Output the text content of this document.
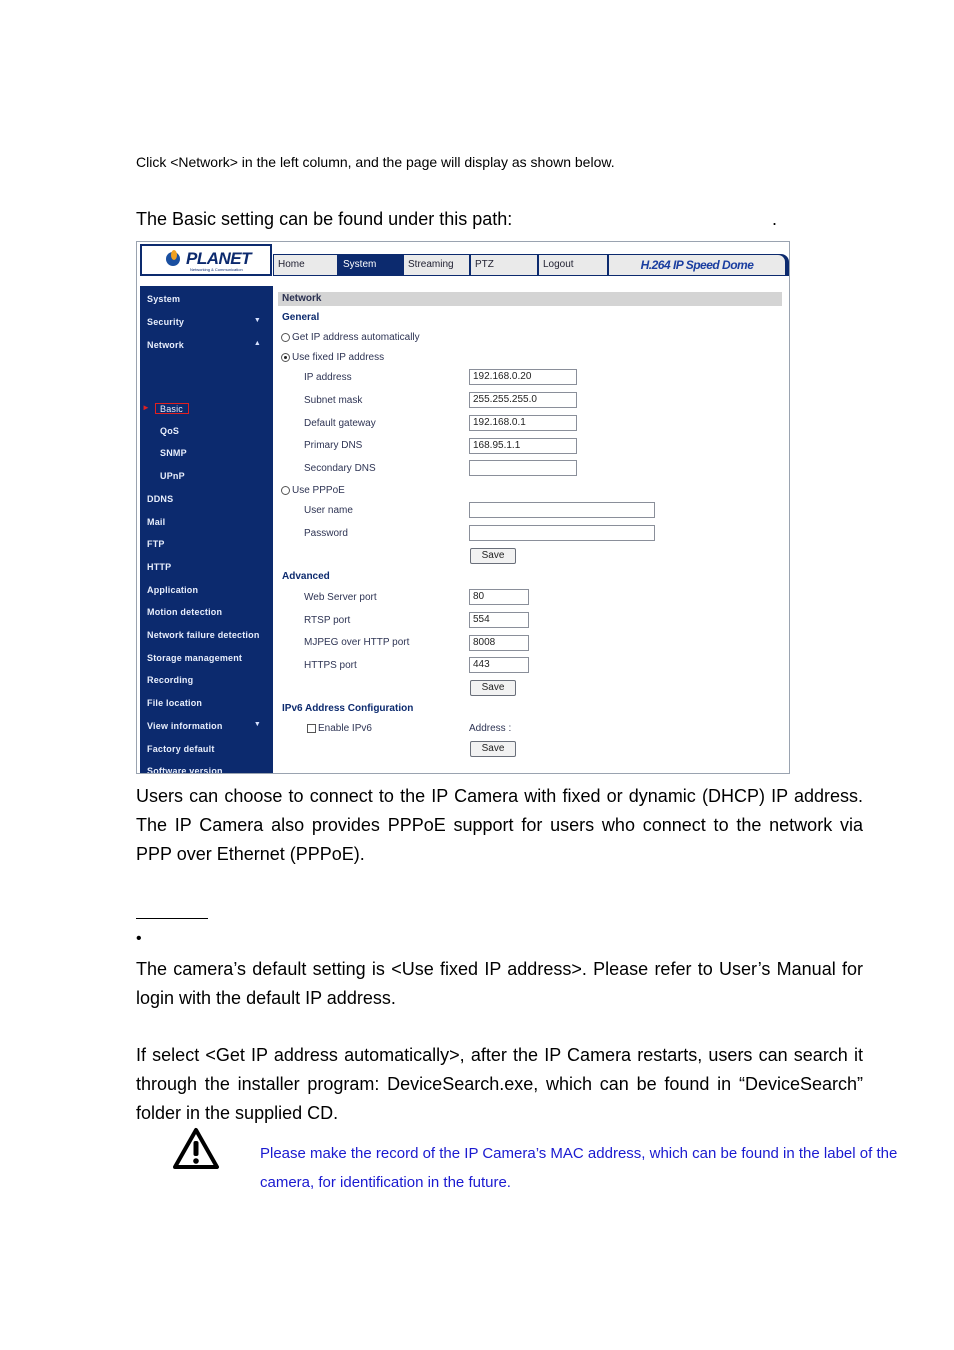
Click <Network> in the left column, and the page will display as shown below.
The Basic setting can be found under this path:	.
PLANET
Networking & Communication	Home	System	Streaming	PTZ	Logout	H.264 IP Speed Dome
System
Security	▼
Network	▲
► Basic
QoS
SNMP
UPnP
DDNS
Mail
FTP
HTTP
Application
Motion detection
Network failure detection
Storage management
Recording
File location
View information	▼
Factory default
Software version
Network
General
Get IP address automatically
Use fixed IP address
IP address	192.168.0.20
Subnet mask	255.255.255.0
Default gateway	192.168.0.1
Primary DNS	168.95.1.1
Secondary DNS
Use PPPoE
User name
Password
Save
Advanced
Web Server port	80
RTSP port	554
MJPEG over HTTP port	8008
HTTPS port	443
Save
IPv6 Address Configuration
Enable IPv6	Address :
Save
Users can choose to connect to the IP Camera with fixed or dynamic (DHCP) IP address. The IP Camera also provides PPPoE support for users who connect to the network via PPP over Ethernet (PPPoE).
•
The camera’s default setting is <Use fixed IP address>. Please refer to User’s Manual for login with the default IP address.
If select <Get IP address automatically>, after the IP Camera restarts, users can search it through the installer program: DeviceSearch.exe, which can be found in “DeviceSearch” folder in the supplied CD.
Please make the record of the IP Camera’s MAC address, which can be found in the label of the camera, for identification in the future.
